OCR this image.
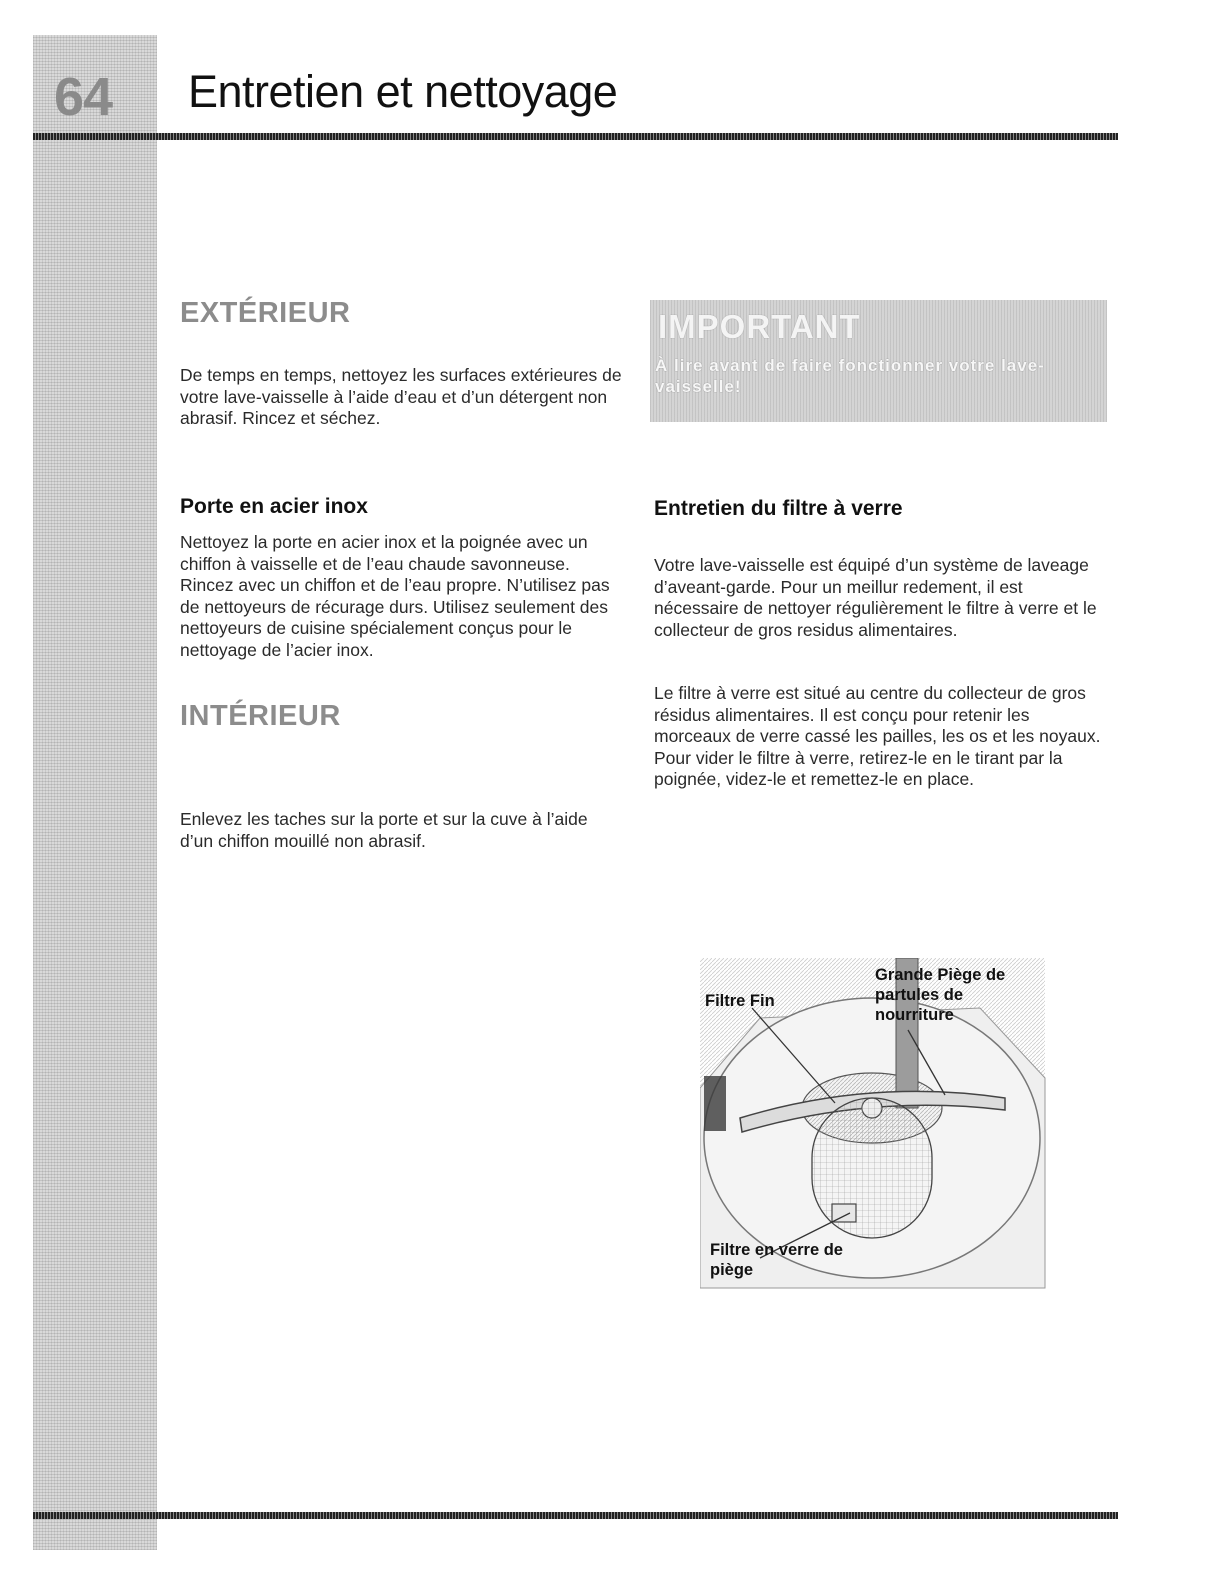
64 Entretien et nettoyage
EXTÉRIEUR

De temps en temps, nettoyez les surfaces extérieures de votre lave-vaisselle à l’aide d’eau et d’un détergent non abrasif. Rincez et séchez.

Porte en acier inox

Nettoyez la porte en acier inox et la poignée avec un chiffon à vaisselle et de l’eau chaude savonneuse. Rincez avec un chiffon et de l’eau propre. N’utilisez pas de nettoyeurs de récurage durs. Utilisez seulement des nettoyeurs de cuisine spécialement conçus pour le nettoyage de l’acier inox.

INTÉRIEUR

Enlevez les taches sur la porte et sur la cuve à l’aide d’un chiffon mouillé non abrasif.

IMPORTANT

À lire avant de faire fonctionner votre lave-vaisselle!

Entretien du filtre à verre

Votre lave-vaisselle est équipé d’un système de laveage d’aveant-garde. Pour un meillur redement, il est nécessaire de nettoyer régulièrement le filtre à verre et le collecteur de gros residus alimentaires.

Le filtre à verre est situé au centre du collecteur de gros résidus alimentaires. Il est conçu pour retenir les morceaux de verre cassé les pailles, les os et les noyaux. Pour vider le filtre à verre, retirez-le en le tirant par la poignée, videz-le et remettez-le en place.

Filtre Fin

Grande Piège de partules de nourriture

Filtre en verre de piège
